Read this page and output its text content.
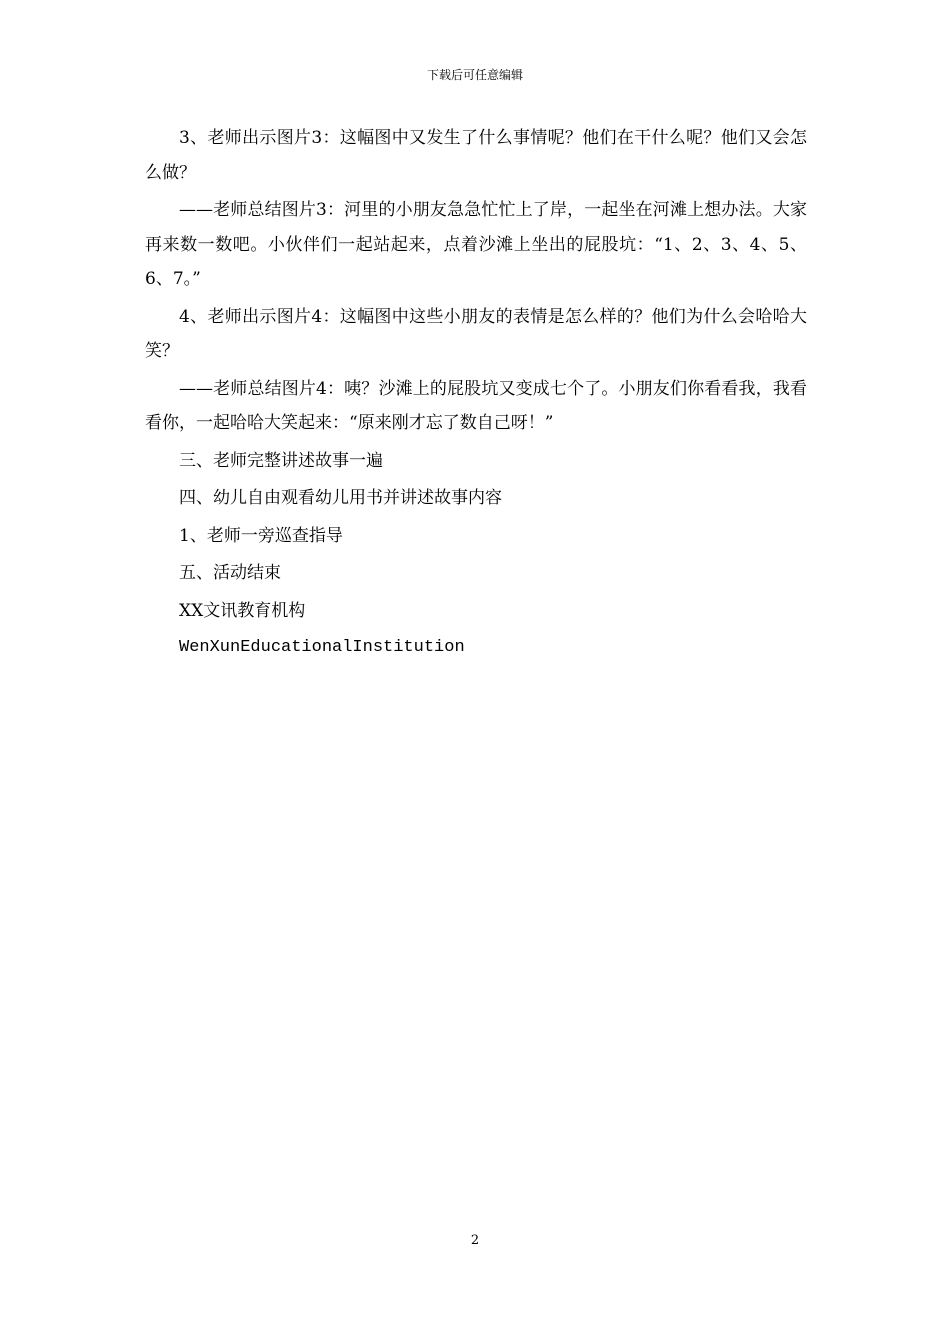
下载后可任意编辑

3、老师出示图片3：这幅图中又发生了什么事情呢？他们在干什么呢？他们又会怎么做？

——老师总结图片3：河里的小朋友急急忙忙上了岸，一起坐在河滩上想办法。大家再来数一数吧。小伙伴们一起站起来，点着沙滩上坐出的屁股坑：“1、2、3、4、5、6、7。”

4、老师出示图片4：这幅图中这些小朋友的表情是怎么样的？他们为什么会哈哈大笑？

——老师总结图片4：咦？沙滩上的屁股坑又变成七个了。小朋友们你看看我，我看看你，一起哈哈大笑起来：“原来刚才忘了数自己呀！”

三、老师完整讲述故事一遍

四、幼儿自由观看幼儿用书并讲述故事内容

1、老师一旁巡查指导

五、活动结束

XX文讯教育机构

WenXunEducationalInstitution

2
